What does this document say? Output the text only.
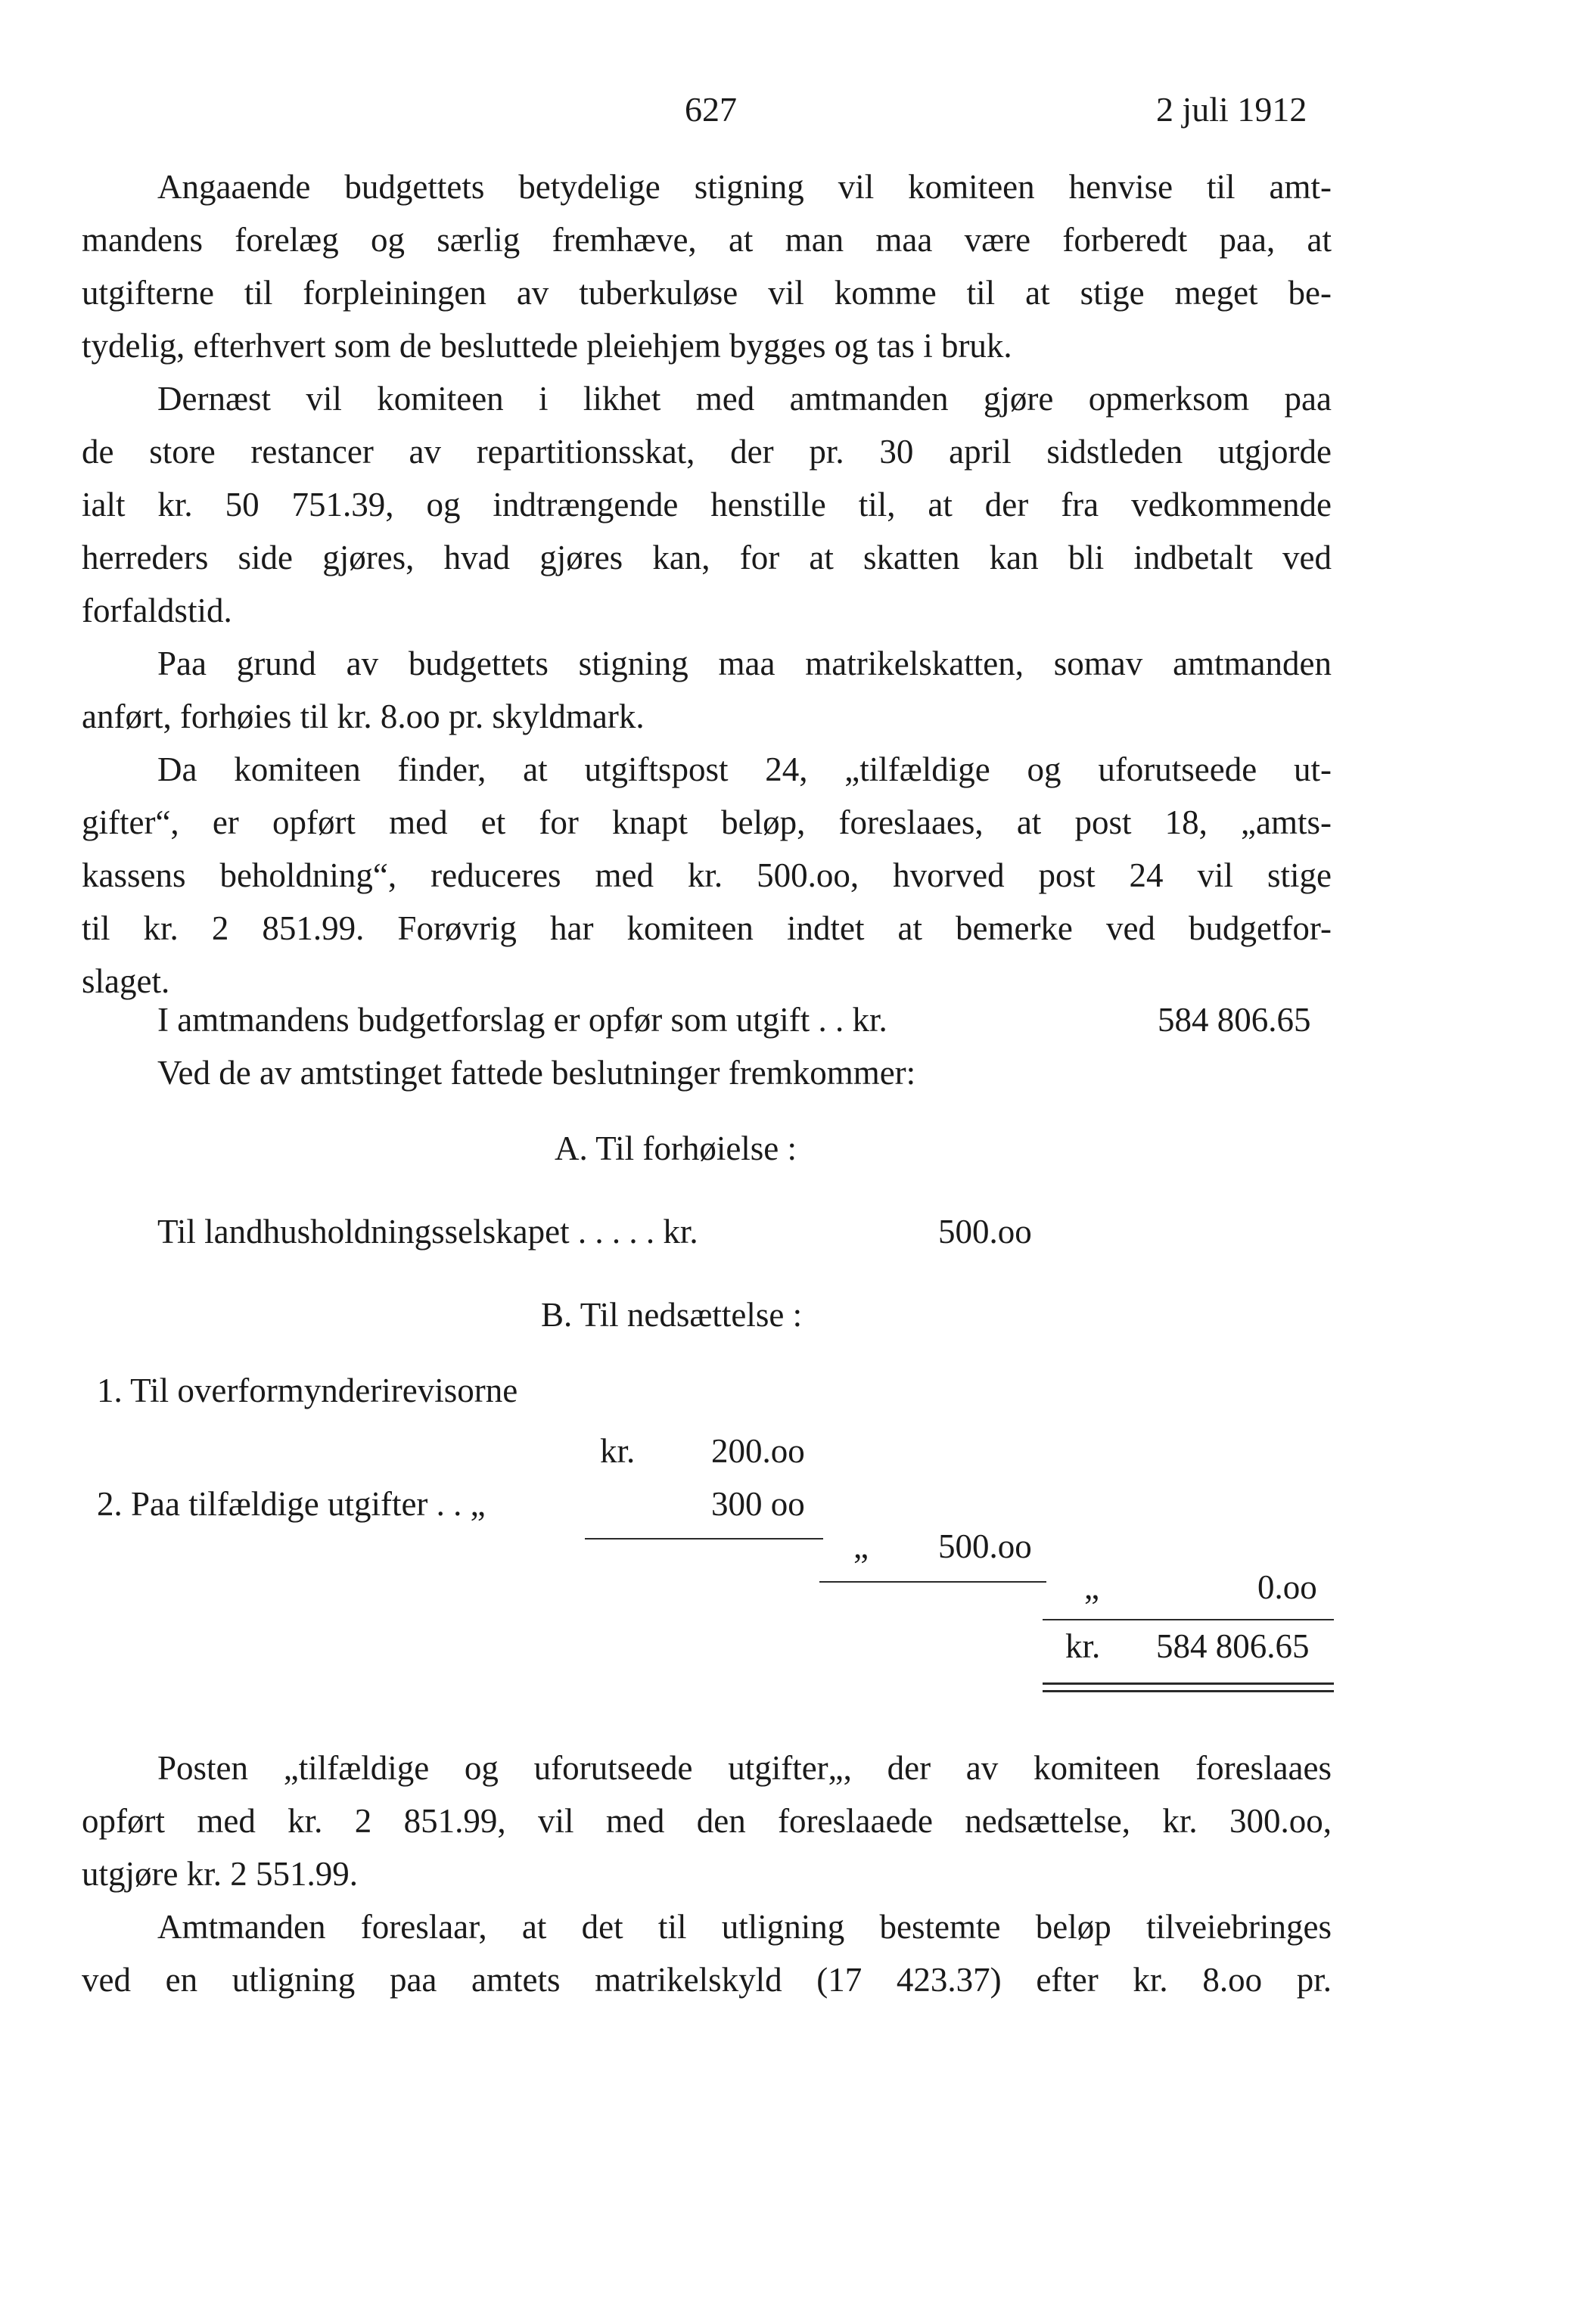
627	2 juli 1912
Angaaende budgettets betydelige stigning vil komiteen henvise til amt-
mandens forelæg og særlig fremhæve, at man maa være forberedt paa, at
utgifterne til forpleiningen av tuberkuløse vil komme til at stige meget be-
tydelig, efterhvert som de besluttede pleiehjem bygges og tas i bruk.
Dernæst vil komiteen i likhet med amtmanden gjøre opmerksom paa
de store restancer av repartitionsskat, der pr. 30 april sidstleden utgjorde
ialt kr. 50 751.39, og indtrængende henstille til, at der fra vedkommende
herreders side gjøres, hvad gjøres kan, for at skatten kan bli indbetalt ved
forfaldstid.
Paa grund av budgettets stigning maa matrikelskatten, somav amtmanden
anført, forhøies til kr. 8.oo pr. skyldmark.
Da komiteen finder, at utgiftspost 24, „tilfældige og uforutseede ut-
gifter“, er opført med et for knapt beløp, foreslaaes, at post 18, „amts-
kassens beholdning“, reduceres med kr. 500.oo, hvorved post 24 vil stige
til kr. 2 851.99. Forøvrig har komiteen indtet at bemerke ved budgetfor-
slaget.
I amtmandens budgetforslag er opfør som utgift . . kr.	584 806.65
Ved de av amtstinget fattede beslutninger fremkommer:
A. Til forhøielse :
Til landhusholdningsselskapet . . . . . kr.	500.oo
B. Til nedsættelse :
1. Til overformynderirevisorne
kr. 200.oo
2. Paa tilfældige utgifter . . „	300 oo
„ 500.oo
„	0.oo
kr. 584 806.65
Posten „tilfældige og uforutseede utgifter„, der av komiteen foreslaaes
opført med kr. 2 851.99, vil med den foreslaaede nedsættelse, kr. 300.oo,
utgjøre kr. 2 551.99.
Amtmanden foreslaar, at det til utligning bestemte beløp tilveiebringes
ved en utligning paa amtets matrikelskyld (17 423.37) efter kr. 8.oo pr.
